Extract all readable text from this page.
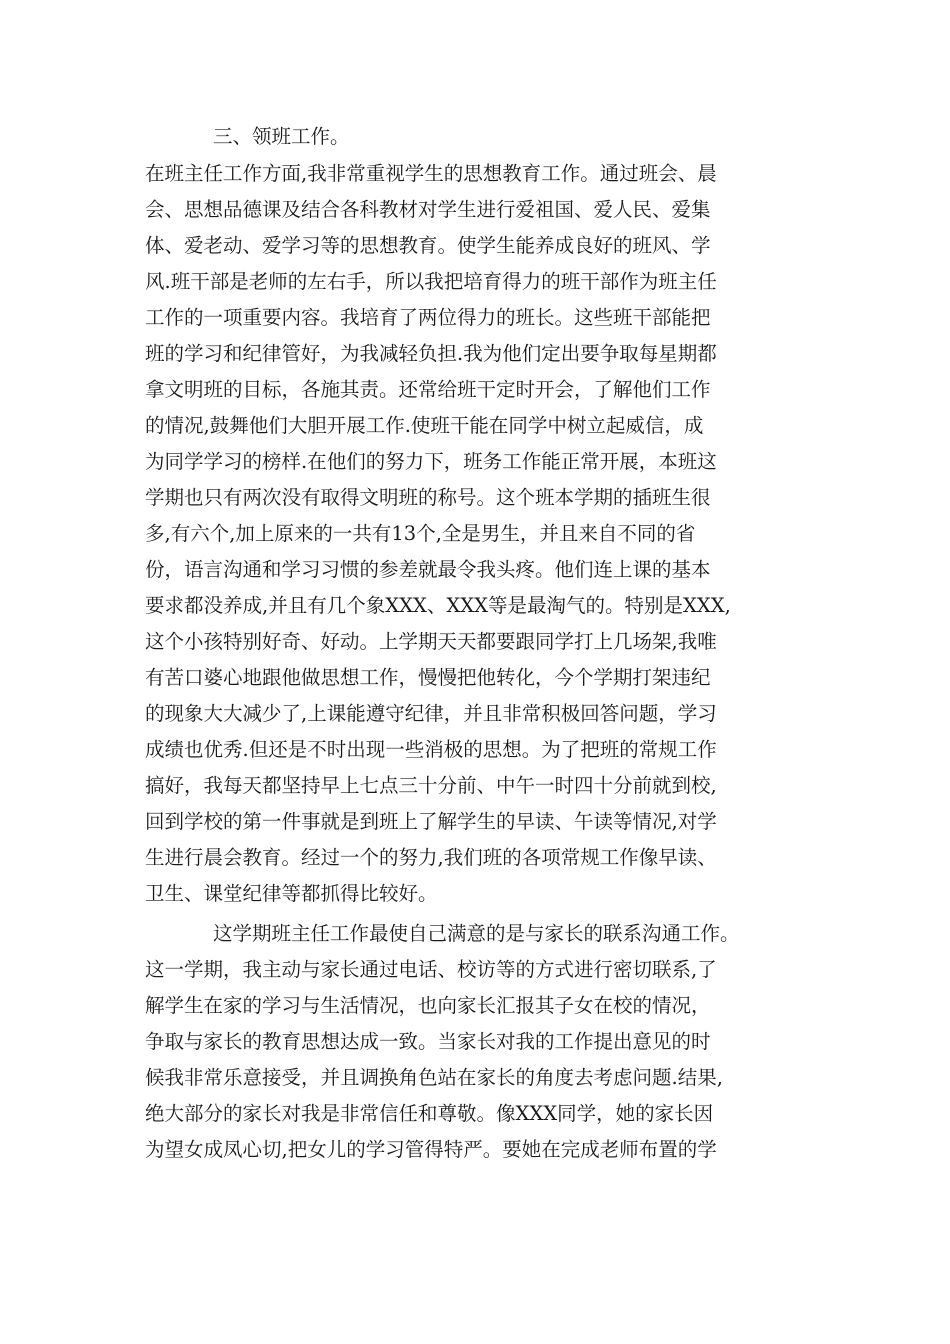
三、领班工作。
在班主任工作方面,我非常重视学生的思想教育工作。通过班会、晨
会、思想品德课及结合各科教材对学生进行爱祖国、爱人民、爱集
体、爱老动、爱学习等的思想教育。使学生能养成良好的班风、学
风.班干部是老师的左右手，所以我把培育得力的班干部作为班主任
工作的一项重要内容。我培育了两位得力的班长。这些班干部能把
班的学习和纪律管好，为我减轻负担.我为他们定出要争取每星期都
拿文明班的目标，各施其责。还常给班干定时开会，了解他们工作
的情况,鼓舞他们大胆开展工作.使班干能在同学中树立起威信，成
为同学学习的榜样.在他们的努力下，班务工作能正常开展，本班这
学期也只有两次没有取得文明班的称号。这个班本学期的插班生很
多,有六个,加上原来的一共有13个,全是男生，并且来自不同的省
份，语言沟通和学习习惯的参差就最令我头疼。他们连上课的基本
要求都没养成,并且有几个象XXX、XXX等是最淘气的。特别是XXX,
这个小孩特别好奇、好动。上学期天天都要跟同学打上几场架,我唯
有苦口婆心地跟他做思想工作，慢慢把他转化，今个学期打架违纪
的现象大大减少了,上课能遵守纪律，并且非常积极回答问题，学习
成绩也优秀.但还是不时出现一些消极的思想。为了把班的常规工作
搞好，我每天都坚持早上七点三十分前、中午一时四十分前就到校,
回到学校的第一件事就是到班上了解学生的早读、午读等情况,对学
生进行晨会教育。经过一个的努力,我们班的各项常规工作像早读、
卫生、课堂纪律等都抓得比较好。
这学期班主任工作最使自己满意的是与家长的联系沟通工作。
这一学期，我主动与家长通过电话、校访等的方式进行密切联系,了
解学生在家的学习与生活情况，也向家长汇报其子女在校的情况，
争取与家长的教育思想达成一致。当家长对我的工作提出意见的时
候我非常乐意接受，并且调换角色站在家长的角度去考虑问题.结果,
绝大部分的家长对我是非常信任和尊敬。像XXX同学，她的家长因
为望女成凤心切,把女儿的学习管得特严。要她在完成老师布置的学
